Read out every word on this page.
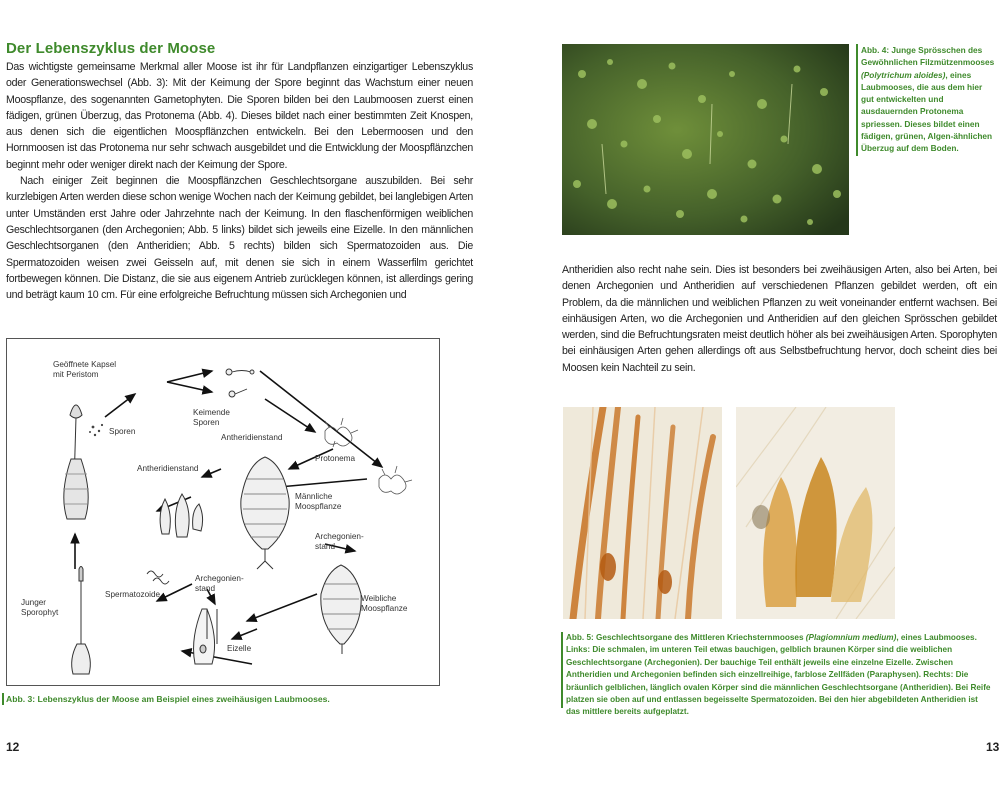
Der Lebenszyklus der Moose

Das wichtigste gemeinsame Merkmal aller Moose ist ihr für Landpflanzen einzigartiger Lebenszyklus oder Generationswechsel (Abb. 3): Mit der Keimung der Spore beginnt das Wachstum einer neuen Moospflanze, des sogenannten Gametophyten. Die Sporen bilden bei den Laubmoosen zuerst einen fädigen, grünen Überzug, das Protonema (Abb. 4). Dieses bildet nach einer bestimmten Zeit Knospen, aus denen sich die eigentlichen Moospflänzchen entwickeln. Bei den Lebermoosen und den Hornmoosen ist das Protonema nur sehr schwach ausgebildet und die Entwicklung der Moospflänzchen beginnt mehr oder weniger direkt nach der Keimung der Spore.

Nach einiger Zeit beginnen die Moospflänzchen Geschlechtsorgane auszubilden. Bei sehr kurzlebigen Arten werden diese schon wenige Wochen nach der Keimung gebildet, bei langlebigen Arten unter Umständen erst Jahre oder Jahrzehnte nach der Keimung. In den flaschenförmigen weiblichen Geschlechtsorganen (den Archegonien; Abb. 5 links) bildet sich jeweils eine Eizelle. In den männlichen Geschlechtsorganen (den Antheridien; Abb. 5 rechts) bilden sich Spermatozoiden aus. Die Spermatozoiden weisen zwei Geisseln auf, mit denen sie sich in einem Wasserfilm gerichtet fortbewegen können. Die Distanz, die sie aus eigenem Antrieb zurücklegen können, ist allerdings gering und beträgt kaum 10 cm. Für eine erfolgreiche Befruchtung müssen sich Archegonien und

Geöffnete Kapsel
mit Peristom
Sporen
Keimende
Sporen
Antheridienstand
Protonema
Antheridienstand
Männliche
Moospflanze
Archegonien-
stand
Weibliche
Moospflanze
Archegonien-
stand
Spermatozoide
Eizelle
Junger
Sporophyt
Abb. 3: Lebenszyklus der Moose am Beispiel eines zweihäusigen Laubmooses.
12
Abb. 4: Junge Sprösschen des Gewöhnlichen Filzmützenmooses (Polytrichum aloides), eines Laubmooses, die aus dem hier gut entwickelten und ausdauernden Protonema spriessen. Dieses bildet einen fädigen, grünen, Algen-ähnlichen Überzug auf dem Boden.

Antheridien also recht nahe sein. Dies ist besonders bei zweihäusigen Arten, also bei Arten, bei denen Archegonien und Antheridien auf verschiedenen Pflanzen gebildet werden, oft ein Problem, da die männlichen und weiblichen Pflanzen zu weit voneinander entfernt wachsen. Bei einhäusigen Arten, wo die Archegonien und Antheridien auf den gleichen Sprösschen gebildet werden, sind die Befruchtungsraten meist deutlich höher als bei zweihäusigen Arten. Sporophyten bei einhäusigen Arten gehen allerdings oft aus Selbstbefruchtung hervor, doch scheint dies bei Moosen kein Nachteil zu sein.

Abb. 5: Geschlechtsorgane des Mittleren Kriechsternmooses (Plagiomnium medium), eines Laubmooses. Links: Die schmalen, im unteren Teil etwas bauchigen, gelblich braunen Körper sind die weiblichen Geschlechtsorgane (Archegonien). Der bauchige Teil enthält jeweils eine einzelne Eizelle. Zwischen Antheridien und Archegonien befinden sich einzellreihige, farblose Zellfäden (Paraphysen). Rechts: Die bräunlich gelblichen, länglich ovalen Körper sind die männlichen Geschlechtsorgane (Antheridien). Bei Reife platzen sie oben auf und entlassen begeisselte Spermatozoiden. Bei den hier abgebildeten Antheridien ist das mittlere bereits aufgeplatzt.
13
